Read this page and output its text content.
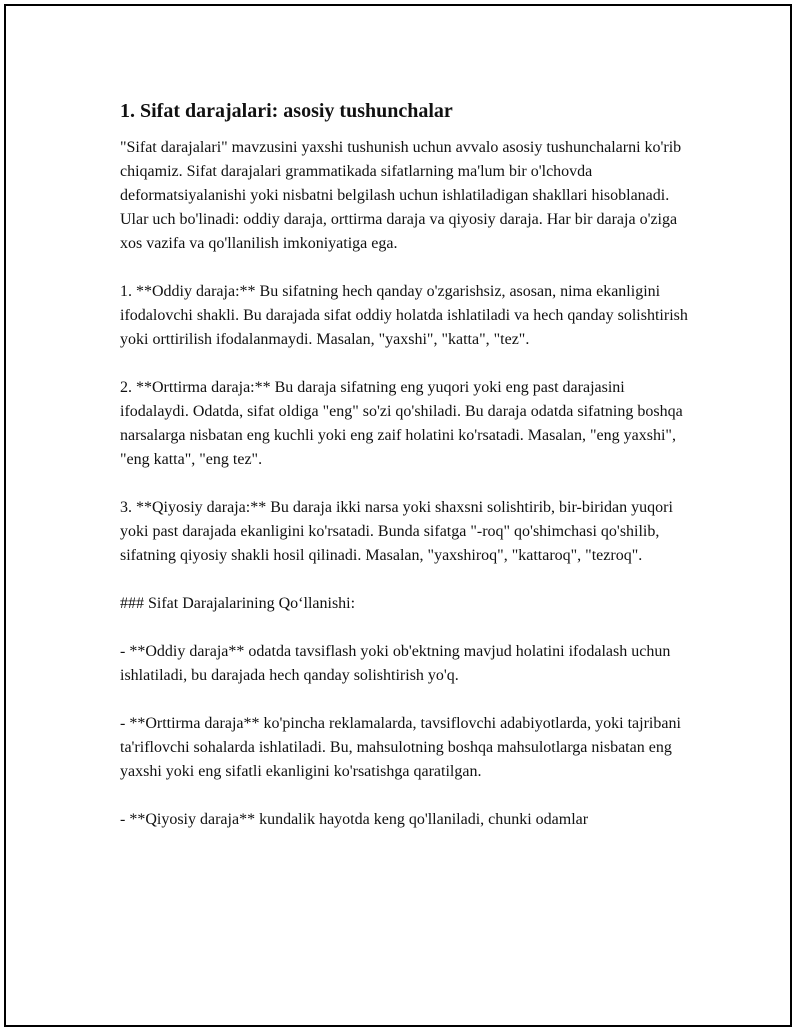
1. Sifat darajalari: asosiy tushunchalar

"Sifat darajalari" mavzusini yaxshi tushunish uchun avvalo asosiy tushunchalarni ko'rib chiqamiz. Sifat darajalari grammatikada sifatlarning ma'lum bir o'lchovda deformatsiyalanishi yoki nisbatni belgilash uchun ishlatiladigan shakllari hisoblanadi. Ular uch bo'linadi: oddiy daraja, orttirma daraja va qiyosiy daraja. Har bir daraja o'ziga xos vazifa va qo'llanilish imkoniyatiga ega.

1. **Oddiy daraja:** Bu sifatning hech qanday o'zgarishsiz, asosan, nima ekanligini ifodalovchi shakli. Bu darajada sifat oddiy holatda ishlatiladi va hech qanday solishtirish yoki orttirilish ifodalanmaydi. Masalan, "yaxshi", "katta", "tez".

2. **Orttirma daraja:** Bu daraja sifatning eng yuqori yoki eng past darajasini ifodalaydi. Odatda, sifat oldiga "eng" so'zi qo'shiladi. Bu daraja odatda sifatning boshqa narsalarga nisbatan eng kuchli yoki eng zaif holatini ko'rsatadi. Masalan, "eng yaxshi", "eng katta", "eng tez".

3. **Qiyosiy daraja:** Bu daraja ikki narsa yoki shaxsni solishtirib, bir-biridan yuqori yoki past darajada ekanligini ko'rsatadi. Bunda sifatga "-roq" qo'shimchasi qo'shilib, sifatning qiyosiy shakli hosil qilinadi. Masalan, "yaxshiroq", "kattaroq", "tezroq".

### Sifat Darajalarining Qo‘llanishi:

- **Oddiy daraja** odatda tavsiflash yoki ob'ektning mavjud holatini ifodalash uchun ishlatiladi, bu darajada hech qanday solishtirish yo'q.

- **Orttirma daraja** ko'pincha reklamalarda, tavsiflovchi adabiyotlarda, yoki tajribani ta'riflovchi sohalarda ishlatiladi. Bu, mahsulotning boshqa mahsulotlarga nisbatan eng yaxshi yoki eng sifatli ekanligini ko'rsatishga qaratilgan.

- **Qiyosiy daraja** kundalik hayotda keng qo'llaniladi, chunki odamlar
